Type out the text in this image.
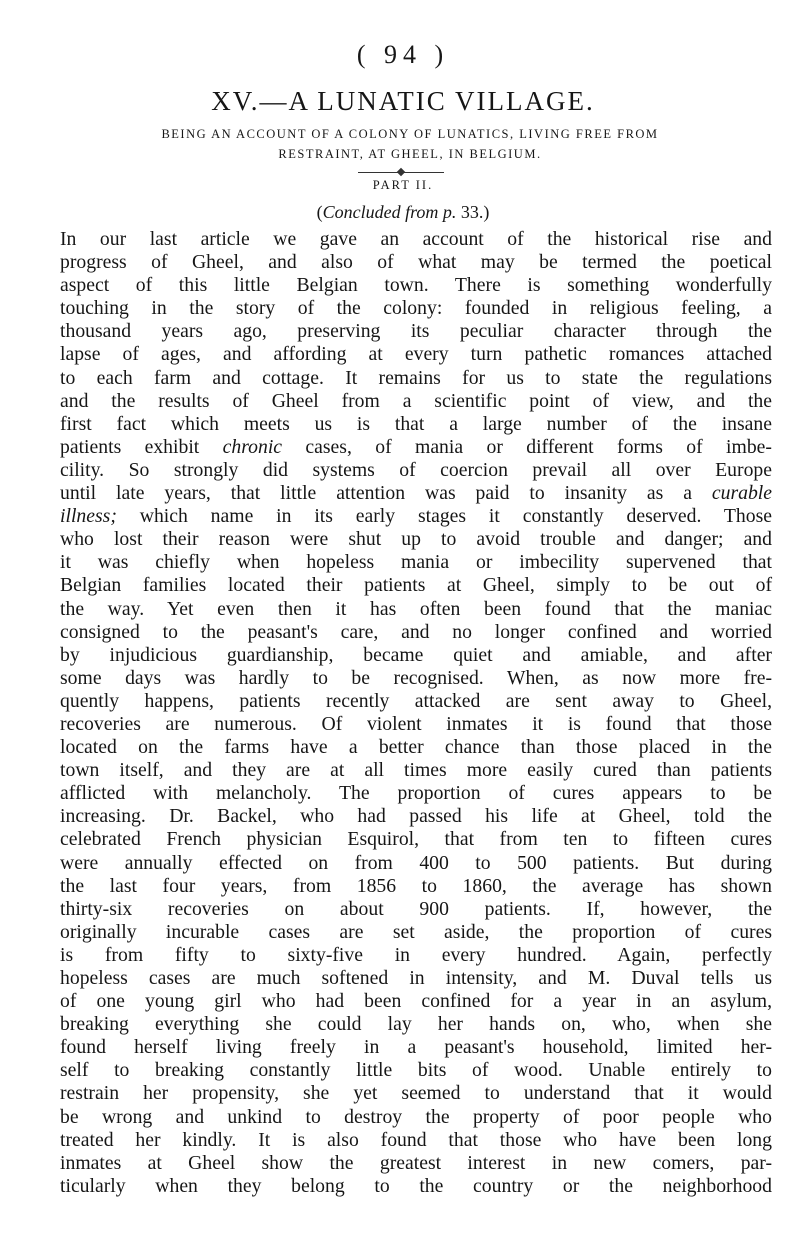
( 94 )
XV.—A LUNATIC VILLAGE.
BEING AN ACCOUNT OF A COLONY OF LUNATICS, LIVING FREE FROM
RESTRAINT, AT GHEEL, IN BELGIUM.
PART II.
(Concluded from p. 33.)
In our last article we gave an account of the historical rise and
progress of Gheel, and also of what may be termed the poetical
aspect of this little Belgian town. There is something wonderfully
touching in the story of the colony: founded in religious feeling, a
thousand years ago, preserving its peculiar character through the
lapse of ages, and affording at every turn pathetic romances attached
to each farm and cottage. It remains for us to state the regulations
and the results of Gheel from a scientific point of view, and the
first fact which meets us is that a large number of the insane
patients exhibit chronic cases, of mania or different forms of imbe-
cility. So strongly did systems of coercion prevail all over Europe
until late years, that little attention was paid to insanity as a curable
illness; which name in its early stages it constantly deserved. Those
who lost their reason were shut up to avoid trouble and danger; and
it was chiefly when hopeless mania or imbecility supervened that
Belgian families located their patients at Gheel, simply to be out of
the way. Yet even then it has often been found that the maniac
consigned to the peasant's care, and no longer confined and worried
by injudicious guardianship, became quiet and amiable, and after
some days was hardly to be recognised. When, as now more fre-
quently happens, patients recently attacked are sent away to Gheel,
recoveries are numerous. Of violent inmates it is found that those
located on the farms have a better chance than those placed in the
town itself, and they are at all times more easily cured than patients
afflicted with melancholy. The proportion of cures appears to be
increasing. Dr. Backel, who had passed his life at Gheel, told the
celebrated French physician Esquirol, that from ten to fifteen cures
were annually effected on from 400 to 500 patients. But during
the last four years, from 1856 to 1860, the average has shown
thirty-six recoveries on about 900 patients. If, however, the
originally incurable cases are set aside, the proportion of cures
is from fifty to sixty-five in every hundred. Again, perfectly
hopeless cases are much softened in intensity, and M. Duval tells us
of one young girl who had been confined for a year in an asylum,
breaking everything she could lay her hands on, who, when she
found herself living freely in a peasant's household, limited her-
self to breaking constantly little bits of wood. Unable entirely to
restrain her propensity, she yet seemed to understand that it would
be wrong and unkind to destroy the property of poor people who
treated her kindly. It is also found that those who have been long
inmates at Gheel show the greatest interest in new comers, par-
ticularly when they belong to the country or the neighborhood
